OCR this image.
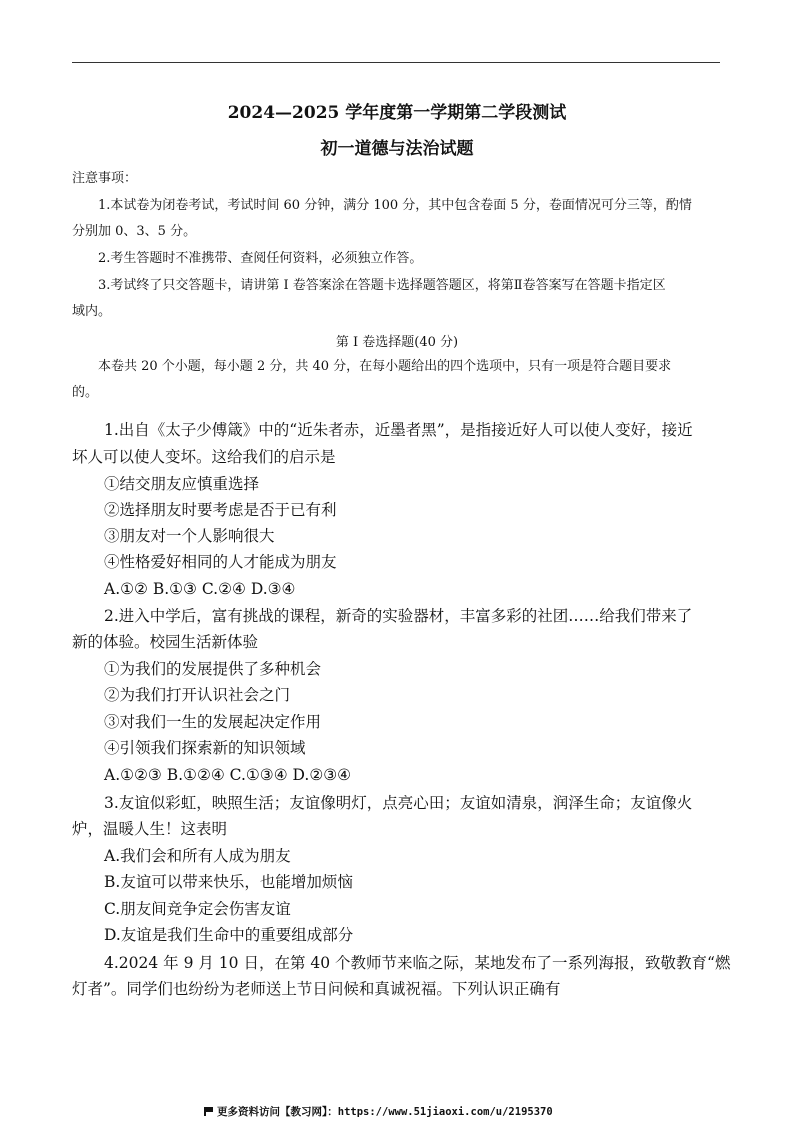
2024—2025 学年度第一学期第二学段测试
初一道德与法治试题
注意事项：
1.本试卷为闭卷考试，考试时间 60 分钟，满分 100 分，其中包含卷面 5 分，卷面情况可分三等，酌情
分别加 0、3、5 分。
2.考生答题时不准携带、查阅任何资料，必须独立作答。
3.考试终了只交答题卡，请讲第 I 卷答案涂在答题卡选择题答题区，将第Ⅱ卷答案写在答题卡指定区
域内。
第 I 卷选择题(40 分)
本卷共 20 个小题，每小题 2 分，共 40 分，在每小题给出的四个选项中，只有一项是符合题目要求
的。
1.出自《太子少傅箴》中的“近朱者赤，近墨者黑”，是指接近好人可以使人变好，接近
坏人可以使人变坏。这给我们的启示是
①结交朋友应慎重选择
②选择朋友时要考虑是否于已有利
③朋友对一个人影响很大
④性格爱好相同的人才能成为朋友
A.①② B.①③ C.②④ D.③④
2.进入中学后，富有挑战的课程，新奇的实验器材，丰富多彩的社团……给我们带来了
新的体验。校园生活新体验
①为我们的发展提供了多种机会
②为我们打开认识社会之门
③对我们一生的发展起决定作用
④引领我们探索新的知识领域
A.①②③ B.①②④ C.①③④ D.②③④
3.友谊似彩虹，映照生活；友谊像明灯，点亮心田；友谊如清泉，润泽生命；友谊像火
炉，温暖人生！这表明
A.我们会和所有人成为朋友
B.友谊可以带来快乐，也能增加烦恼
C.朋友间竞争定会伤害友谊
D.友谊是我们生命中的重要组成部分
4.2024 年 9 月 10 日，在第 40 个教师节来临之际，某地发布了一系列海报，致敬教育“燃
灯者”。同学们也纷纷为老师送上节日问候和真诚祝福。下列认识正确有
更多资料访问【教习网】：https://www.51jiaoxi.com/u/2195370
